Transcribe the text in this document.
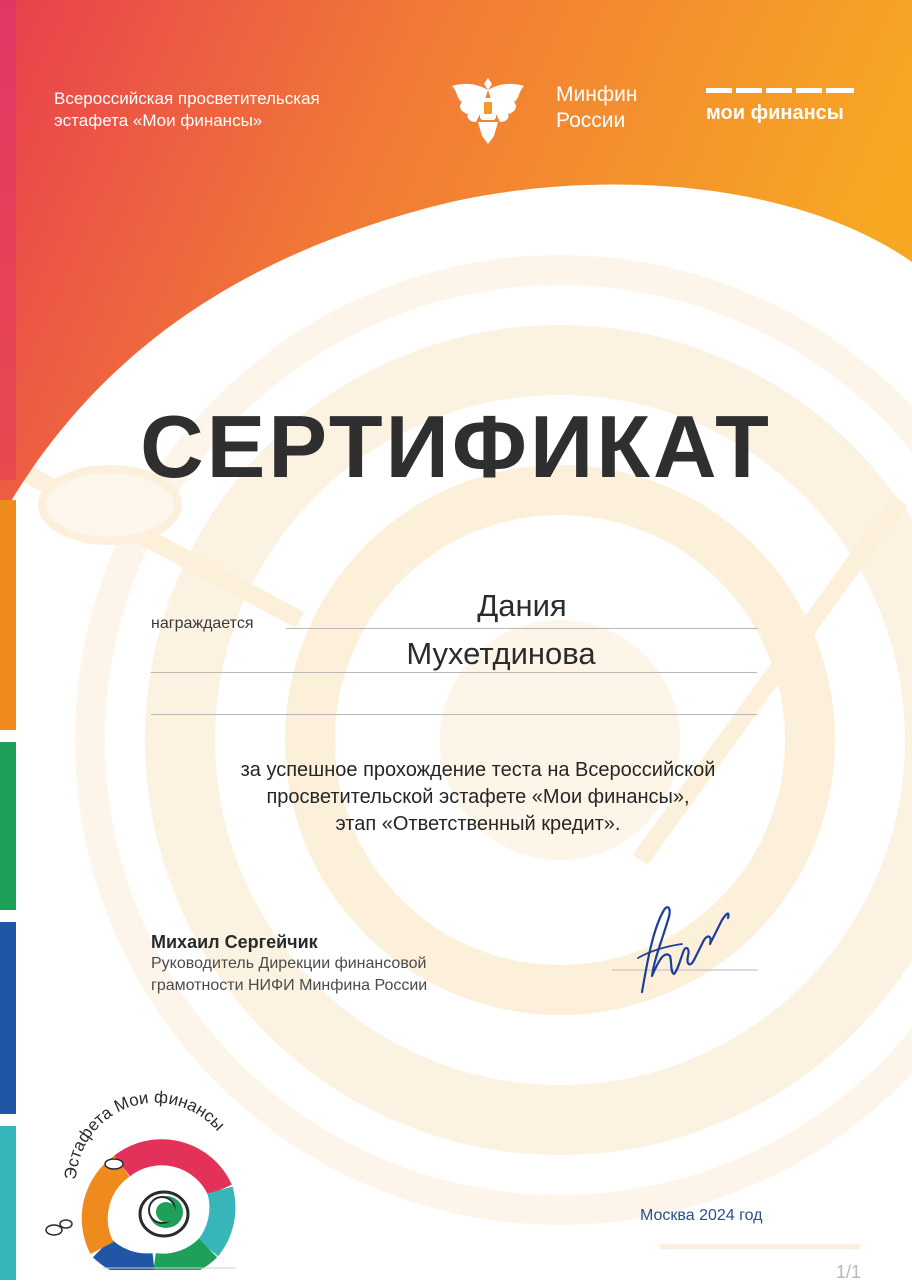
Всероссийская просветительская
эстафета «Мои финансы»
Минфин
России	мои финансы
СЕРТИФИКАТ
награждается
Дания
Мухетдинова
за успешное прохождение теста на Всероссийской
просветительской эстафете «Мои финансы»,
этап «Ответственный кредит».
Михаил Сергейчик
Руководитель Дирекции финансовой
грамотности НИФИ Минфина России
Эстафета Мои финансы
Москва 2024 год
1/1
